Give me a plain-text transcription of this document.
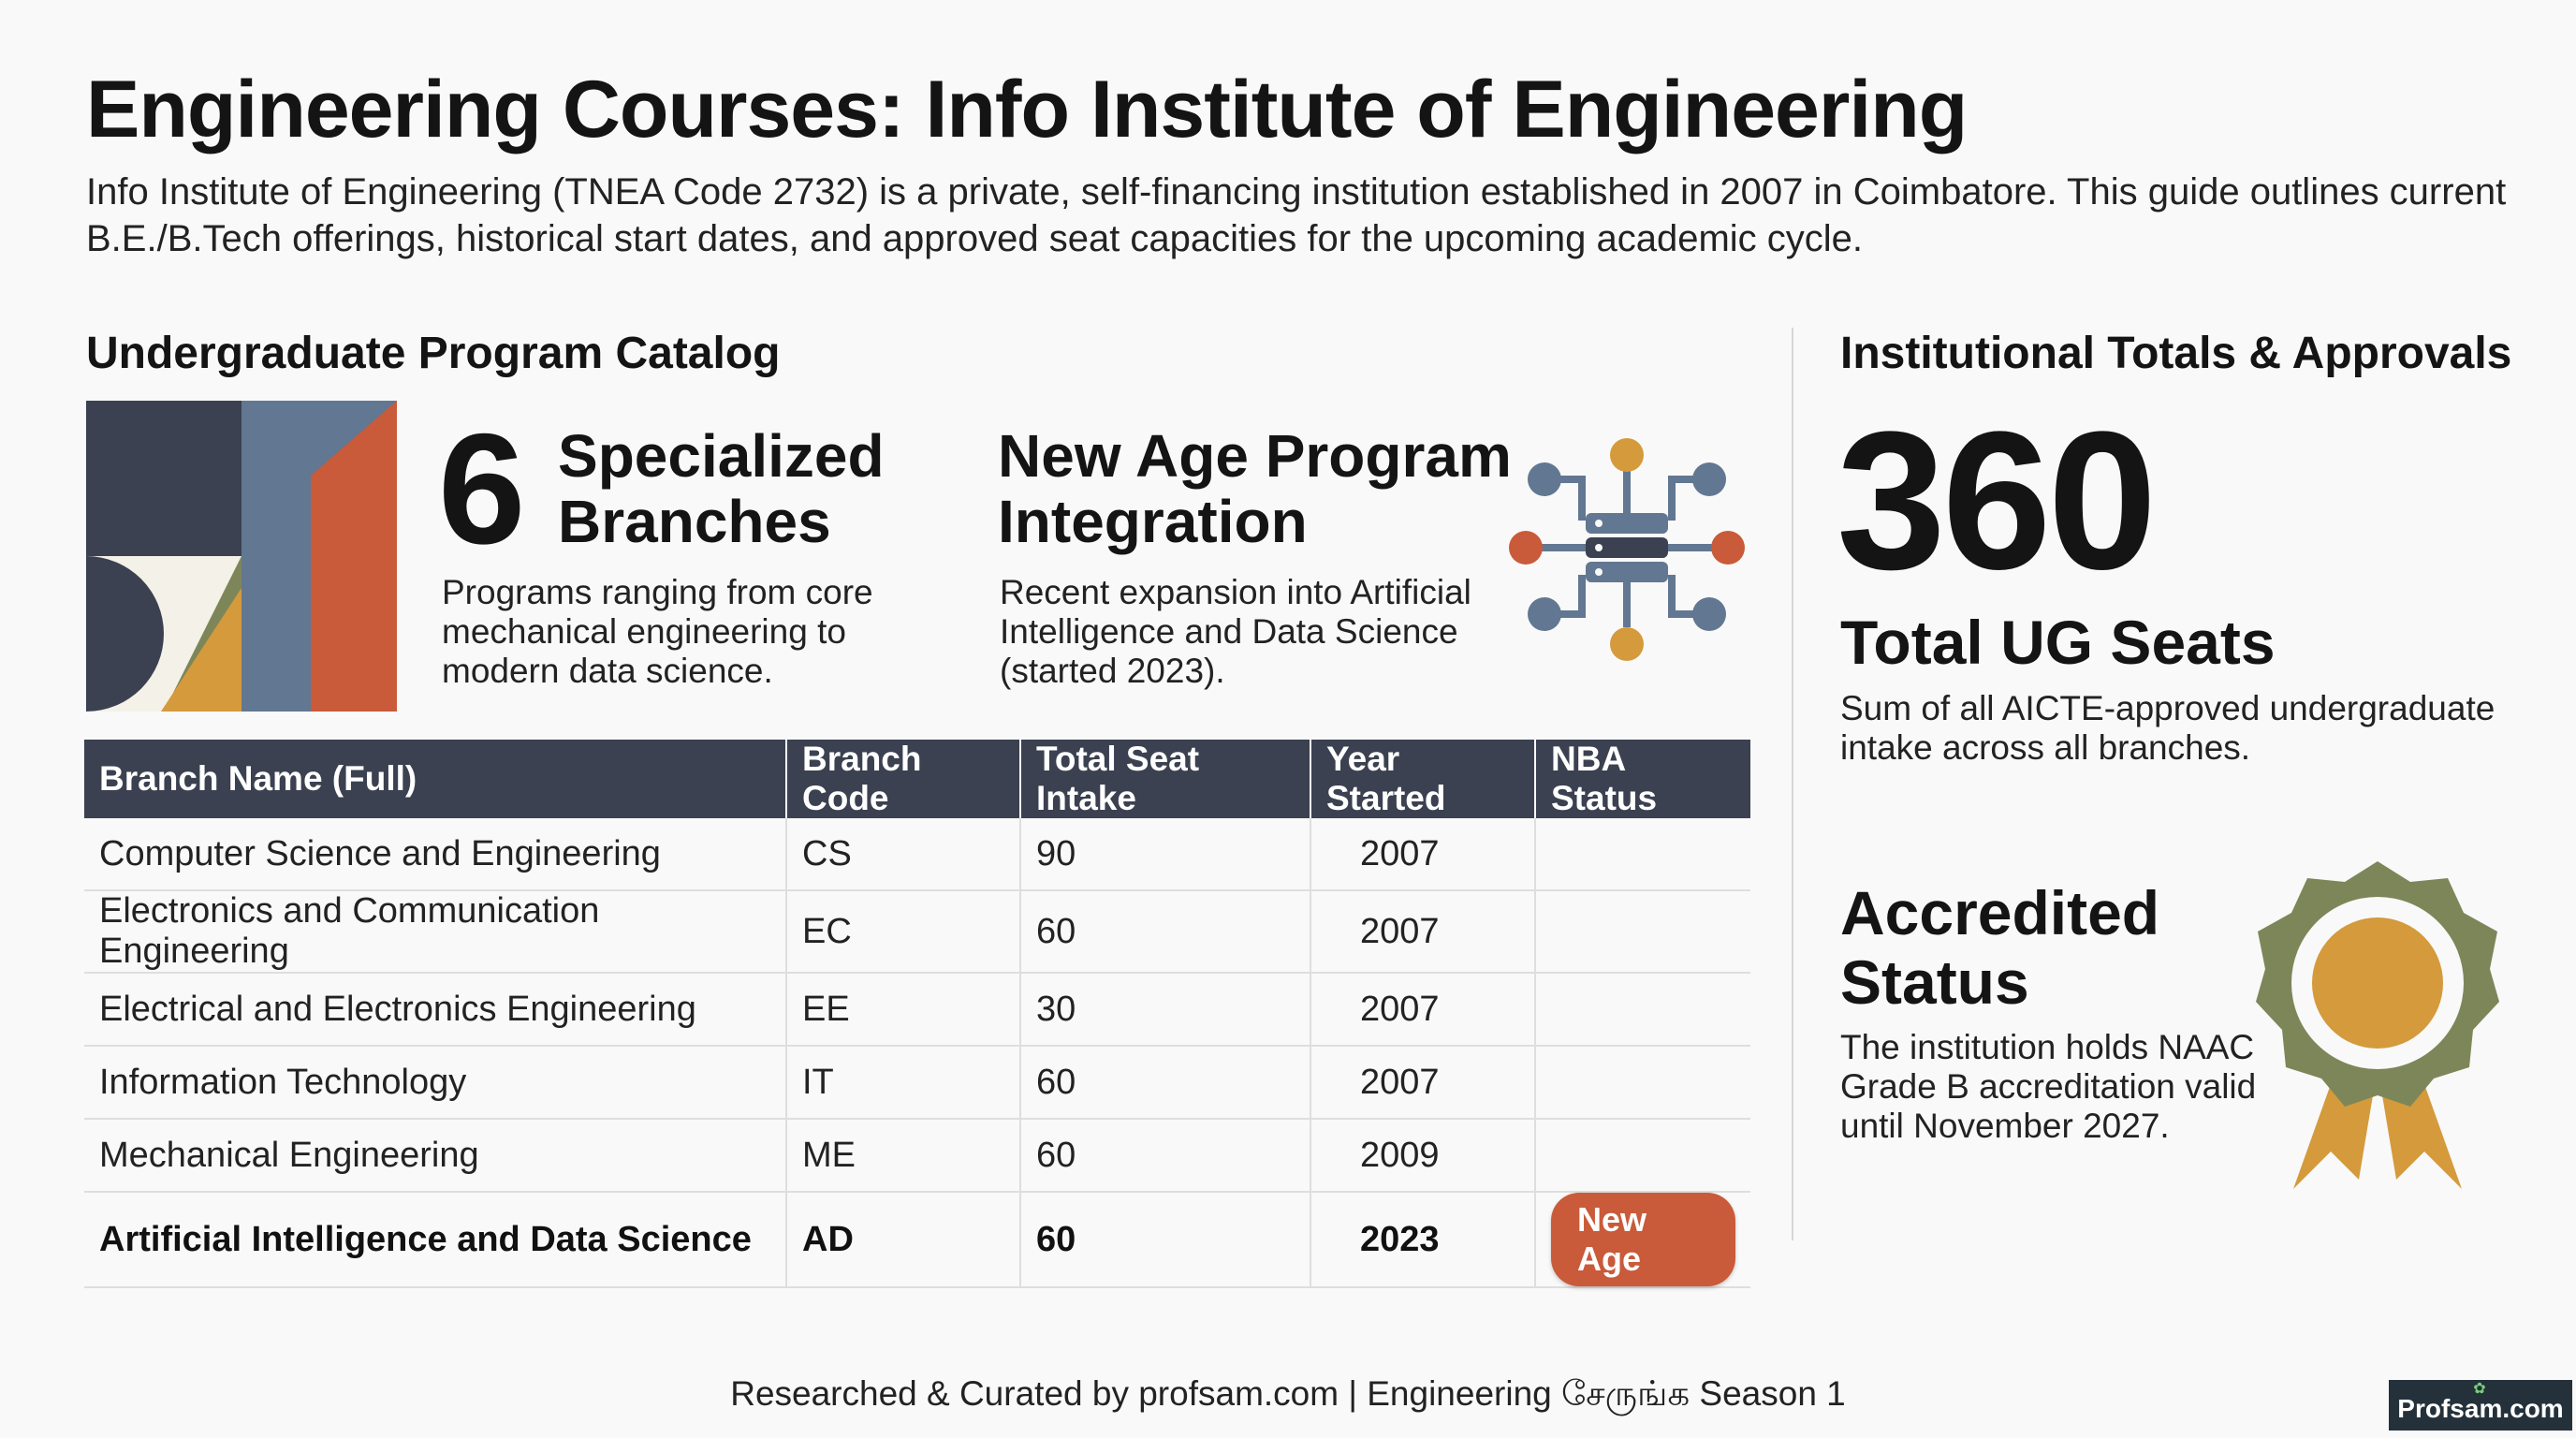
Engineering Courses: Info Institute of Engineering
Info Institute of Engineering (TNEA Code 2732) is a private, self-financing institution established in 2007 in Coimbatore. This guide outlines current B.E./B.Tech offerings, historical start dates, and approved seat capacities for the upcoming academic cycle.
Undergraduate Program Catalog
6 Specialized Branches
Programs ranging from core mechanical engineering to modern data science.
New Age Program Integration
Recent expansion into Artificial Intelligence and Data Science (started 2023).
Branch Name (Full)	Branch Code	Total Seat Intake	Year Started	NBA Status
Computer Science and Engineering	CS	90	2007	
Electronics and Communication Engineering	EC	60	2007	
Electrical and Electronics Engineering	EE	30	2007	
Information Technology	IT	60	2007	
Mechanical Engineering	ME	60	2009	
Artificial Intelligence and Data Science	AD	60	2023	New Age
Institutional Totals & Approvals
360
Total UG Seats
Sum of all AICTE-approved undergraduate intake across all branches.
Accredited Status
The institution holds NAAC Grade B accreditation valid until November 2027.
Researched & Curated by profsam.com | Engineering சேருங்க Season 1	✿
Profsam.com
